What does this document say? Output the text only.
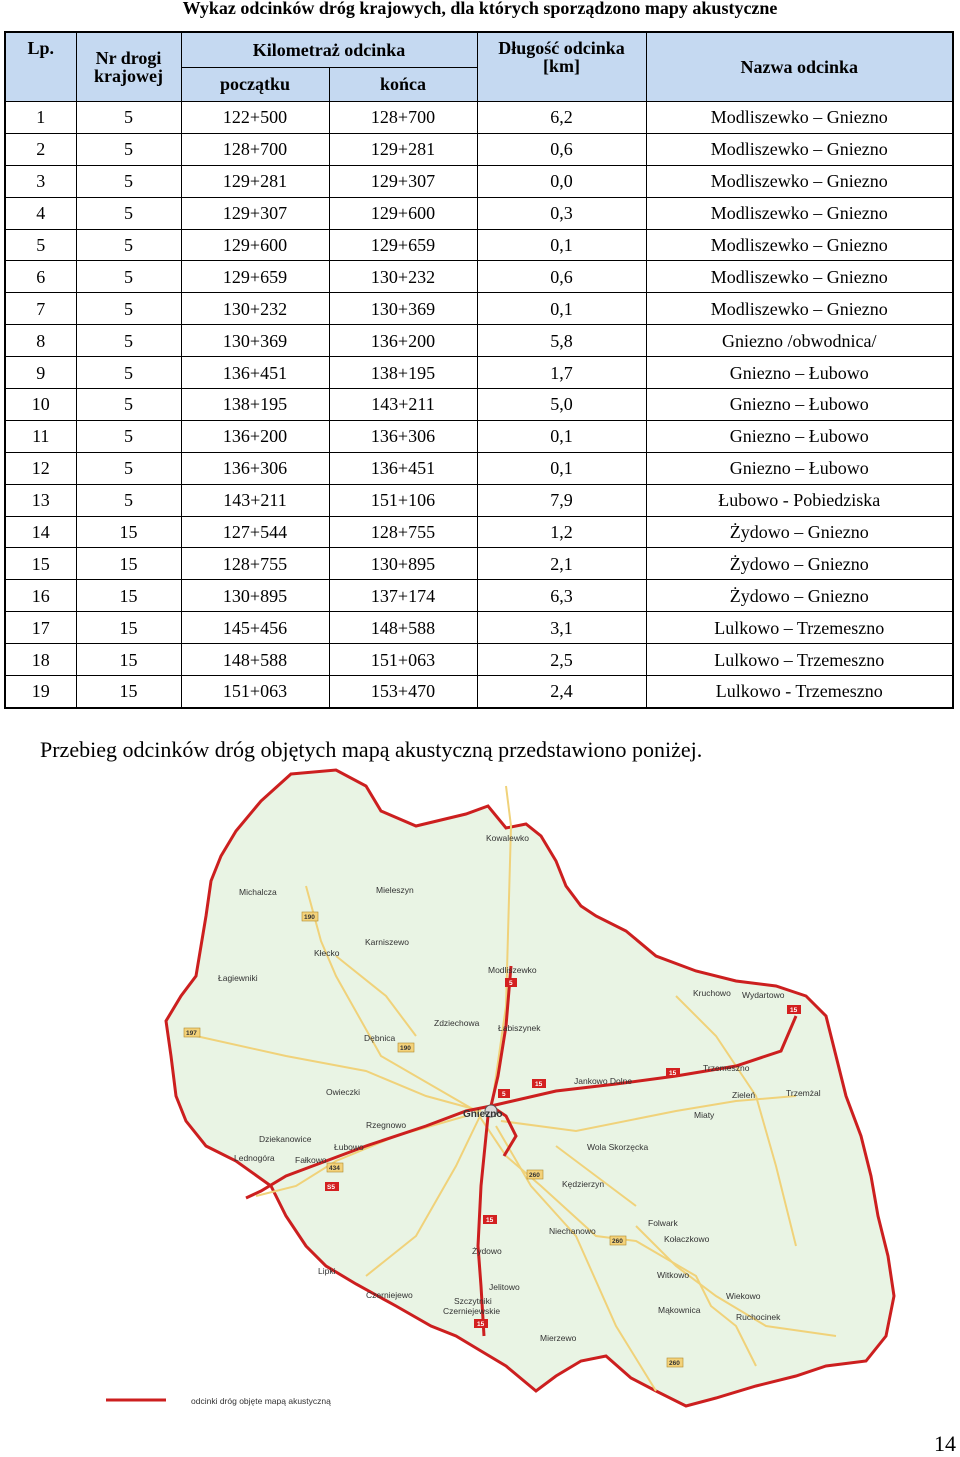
Wykaz odcinków dróg krajowych, dla których sporządzono mapy akustyczne
Lp.	Nr drogi krajowej	Kilometraż odcinka		Długość odcinka [km]	Nazwa odcinka
		początku	końca		
1	5	122+500	128+700	6,2	Modliszewko – Gniezno
2	5	128+700	129+281	0,6	Modliszewko – Gniezno
3	5	129+281	129+307	0,0	Modliszewko – Gniezno
4	5	129+307	129+600	0,3	Modliszewko – Gniezno
5	5	129+600	129+659	0,1	Modliszewko – Gniezno
6	5	129+659	130+232	0,6	Modliszewko – Gniezno
7	5	130+232	130+369	0,1	Modliszewko – Gniezno
8	5	130+369	136+200	5,8	Gniezno /obwodnica/
9	5	136+451	138+195	1,7	Gniezno – Łubowo
10	5	138+195	143+211	5,0	Gniezno – Łubowo
11	5	136+200	136+306	0,1	Gniezno – Łubowo
12	5	136+306	136+451	0,1	Gniezno – Łubowo
13	5	143+211	151+106	7,9	Łubowo - Pobiedziska
14	15	127+544	128+755	1,2	Żydowo – Gniezno
15	15	128+755	130+895	2,1	Żydowo – Gniezno
16	15	130+895	137+174	6,3	Żydowo – Gniezno
17	15	145+456	148+588	3,1	Lulkowo – Trzemeszno
18	15	148+588	151+063	2,5	Lulkowo – Trzemeszno
19	15	151+063	153+470	2,4	Lulkowo - Trzemeszno
Przebieg odcinków dróg objętych mapą akustyczną przedstawiono poniżej.
Kowalewko
Michalcza	Mieleszyn
Kłecko
Karniszewo
Łagiewniki
Modliszewko
Kruchowo Wydartowo
Zdziechowa Łabiszynek
Dębnica
Jankowo Dolne
Trzemeszno
Owieczki	Zieleń	Trzemżal
Gniezno	Miaty
Rzegnowo
Dziekanowice
Łubowo
Lednogóra Fałkowo
Wola Skorzęcka
Kędzierzyn
Folwark
Kołaczkowo
Żydowo
Niechanowo
Lipki	Witkowo
Jelitowo
Czerniejewo
Szczytniki Czerniejewskie
Wiekowo
Mąkownica
Ruchocinek
Mierzewo
190
190
197
5
5
15
15
15
15
15
434
S5
260
260
260
odcinki dróg objęte mapą akustyczną
14
